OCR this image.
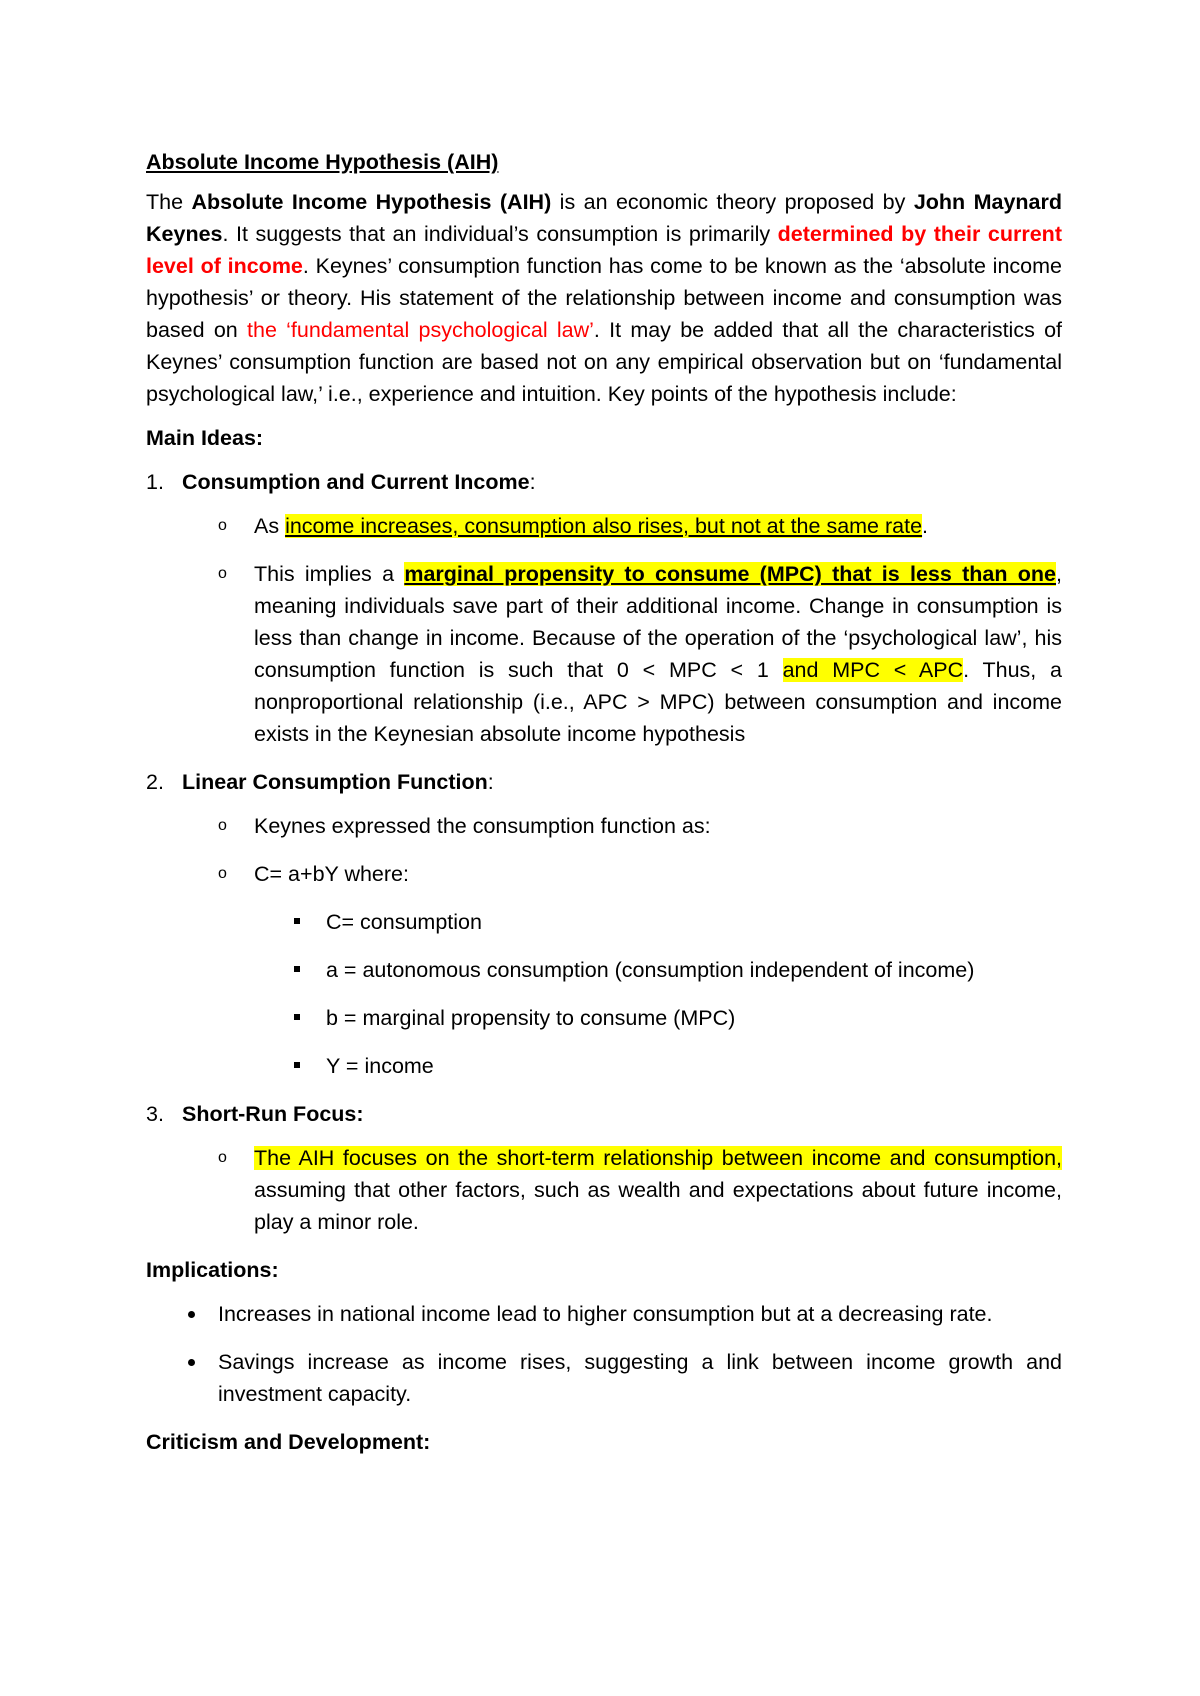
Absolute Income Hypothesis (AIH)

The Absolute Income Hypothesis (AIH) is an economic theory proposed by John Maynard Keynes. It suggests that an individual’s consumption is primarily determined by their current level of income. Keynes’ consumption function has come to be known as the ‘absolute income hypothesis’ or theory. His statement of the relationship between income and consumption was based on the ‘fundamental psychological law’. It may be added that all the characteristics of Keynes’ consumption function are based not on any empirical observation but on ‘fundamental psychological law,’ i.e., experience and intuition. Key points of the hypothesis include:

Main Ideas:
1. Consumption and Current Income:
o As income increases, consumption also rises, but not at the same rate.
o This implies a marginal propensity to consume (MPC) that is less than one, meaning individuals save part of their additional income. Change in consumption is less than change in income. Because of the operation of the ‘psychological law’, his consumption function is such that 0 < MPC < 1 and MPC < APC. Thus, a nonproportional relationship (i.e., APC > MPC) between consumption and income exists in the Keynesian absolute income hypothesis
2. Linear Consumption Function:
o Keynes expressed the consumption function as:
o C= a+bY where:
C= consumption
a = autonomous consumption (consumption independent of income)
b = marginal propensity to consume (MPC)
Y = income
3. Short-Run Focus:
o The AIH focuses on the short-term relationship between income and consumption, assuming that other factors, such as wealth and expectations about future income, play a minor role.
Implications:
Increases in national income lead to higher consumption but at a decreasing rate.
Savings increase as income rises, suggesting a link between income growth and investment capacity.
Criticism and Development:
